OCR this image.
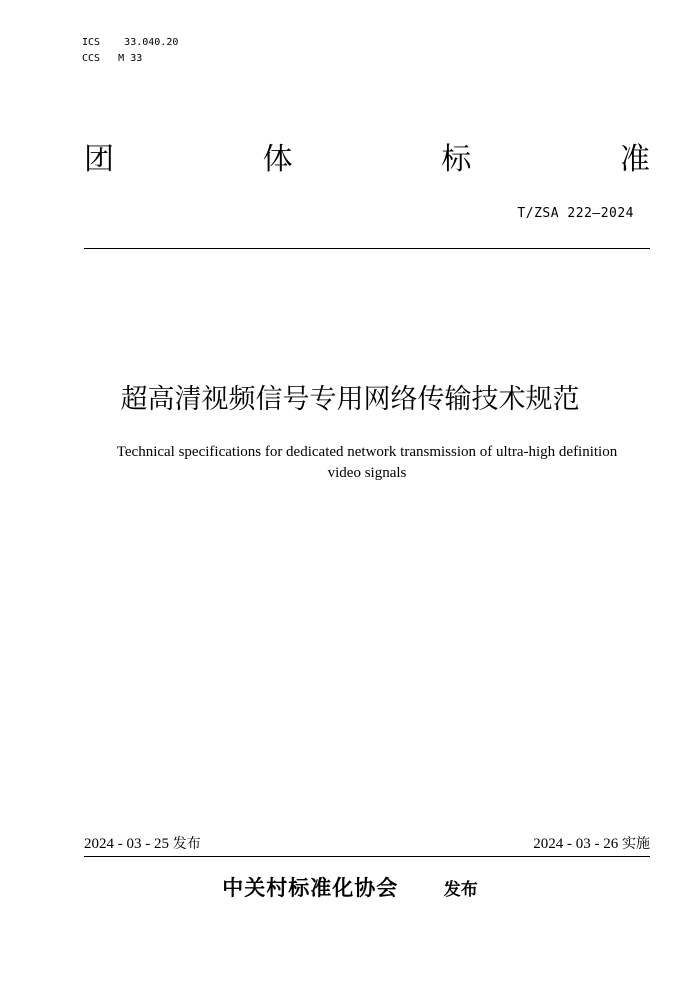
ICS 33.040.20
CCS M 33
团	体	标	准
T/ZSA 222—2024
超高清视频信号专用网络传输技术规范
Technical specifications for dedicated network transmission of ultra-high definition
video signals
2024 - 03 - 25 发布	2024 - 03 - 26 实施
中关村标准化协会	发布
